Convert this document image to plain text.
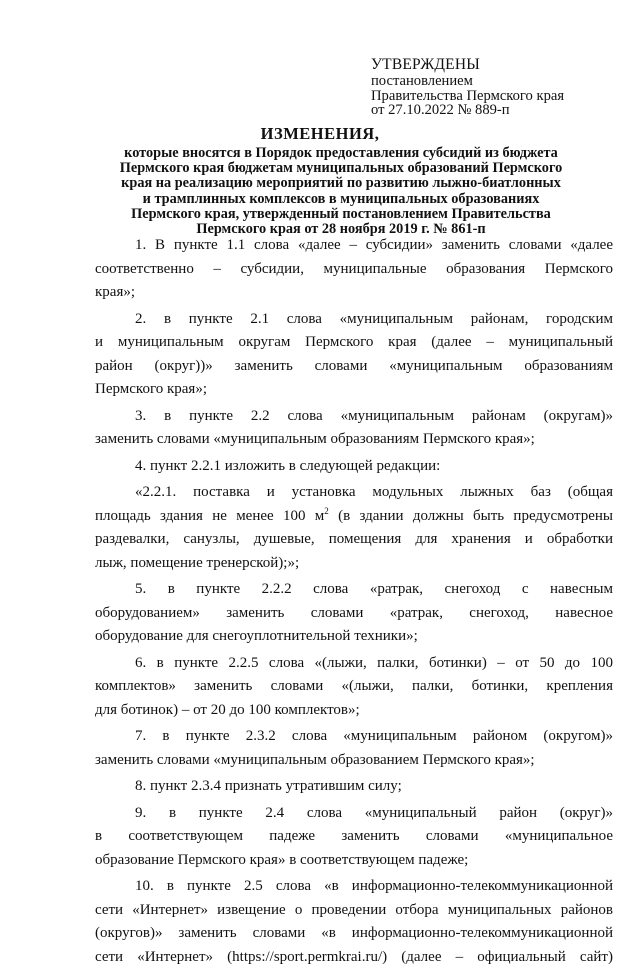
УТВЕРЖДЕНЫ
постановлением
Правительства Пермского края
от 27.10.2022 № 889-п
ИЗМЕНЕНИЯ,
которые вносятся в Порядок предоставления субсидий из бюджета
Пермского края бюджетам муниципальных образований Пермского
края на реализацию мероприятий по развитию лыжно-биатлонных
и трамплинных комплексов в муниципальных образованиях
Пермского края, утвержденный постановлением Правительства
Пермского края от 28 ноября 2019 г. № 861-п
1. В пункте 1.1 слова «далее – субсидии» заменить словами «далее
соответственно – субсидии, муниципальные образования Пермского
края»;
2. в пункте 2.1 слова «муниципальным районам, городским
и муниципальным округам Пермского края (далее – муниципальный
район (округ))» заменить словами «муниципальным образованиям
Пермского края»;
3. в пункте 2.2 слова «муниципальным районам (округам)»
заменить словами «муниципальным образованиям Пермского края»;
4. пункт 2.2.1 изложить в следующей редакции:
«2.2.1. поставка и установка модульных лыжных баз (общая
площадь здания не менее 100 $м^2$ (в здании должны быть предусмотрены
раздевалки, санузлы, душевые, помещения для хранения и обработки
лыж, помещение тренерской);»;
5. в пункте 2.2.2 слова «ратрак, снегоход с навесным
оборудованием» заменить словами «ратрак, снегоход, навесное
оборудование для снегоуплотнительной техники»;
6. в пункте 2.2.5 слова «(лыжи, палки, ботинки) – от 50 до 100
комплектов» заменить словами «(лыжи, палки, ботинки, крепления
для ботинок) – от 20 до 100 комплектов»;
7. в пункте 2.3.2 слова «муниципальным районом (округом)»
заменить словами «муниципальным образованием Пермского края»;
8. пункт 2.3.4 признать утратившим силу;
9. в пункте 2.4 слова «муниципальный район (округ)»
в соответствующем падеже заменить словами «муниципальное
образование Пермского края» в соответствующем падеже;
10. в пункте 2.5 слова «в информационно-телекоммуникационной
сети «Интернет» извещение о проведении отбора муниципальных районов
(округов)» заменить словами «в информационно-телекоммуникационной
сети «Интернет» (https://sport.permkrai.ru/) (далее – официальный сайт)
